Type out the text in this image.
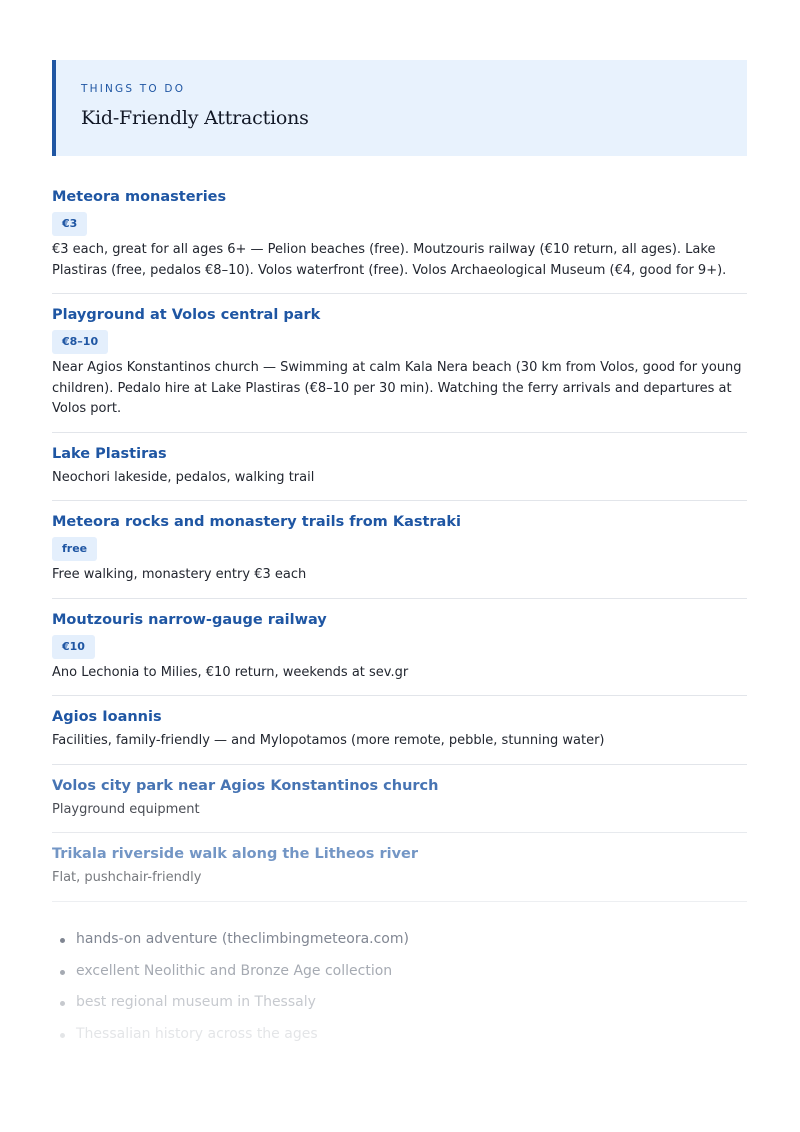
THINGS TO DO
Kid-Friendly Attractions
Meteora monasteries
€3
€3 each, great for all ages 6+ — Pelion beaches (free). Moutzouris railway (€10 return, all ages). Lake Plastiras (free, pedalos €8–10). Volos waterfront (free). Volos Archaeological Museum (€4, good for 9+).
Playground at Volos central park
€8–10
Near Agios Konstantinos church — Swimming at calm Kala Nera beach (30 km from Volos, good for young children). Pedalo hire at Lake Plastiras (€8–10 per 30 min). Watching the ferry arrivals and departures at Volos port.
Lake Plastiras
Neochori lakeside, pedalos, walking trail
Meteora rocks and monastery trails from Kastraki
free
Free walking, monastery entry €3 each
Moutzouris narrow-gauge railway
€10
Ano Lechonia to Milies, €10 return, weekends at sev.gr
Agios Ioannis
Facilities, family-friendly — and Mylopotamos (more remote, pebble, stunning water)
Volos city park near Agios Konstantinos church
Playground equipment
Trikala riverside walk along the Litheos river
Flat, pushchair-friendly
hands-on adventure (theclimbingmeteora.com)
excellent Neolithic and Bronze Age collection
best regional museum in Thessaly
Thessalian history across the ages
